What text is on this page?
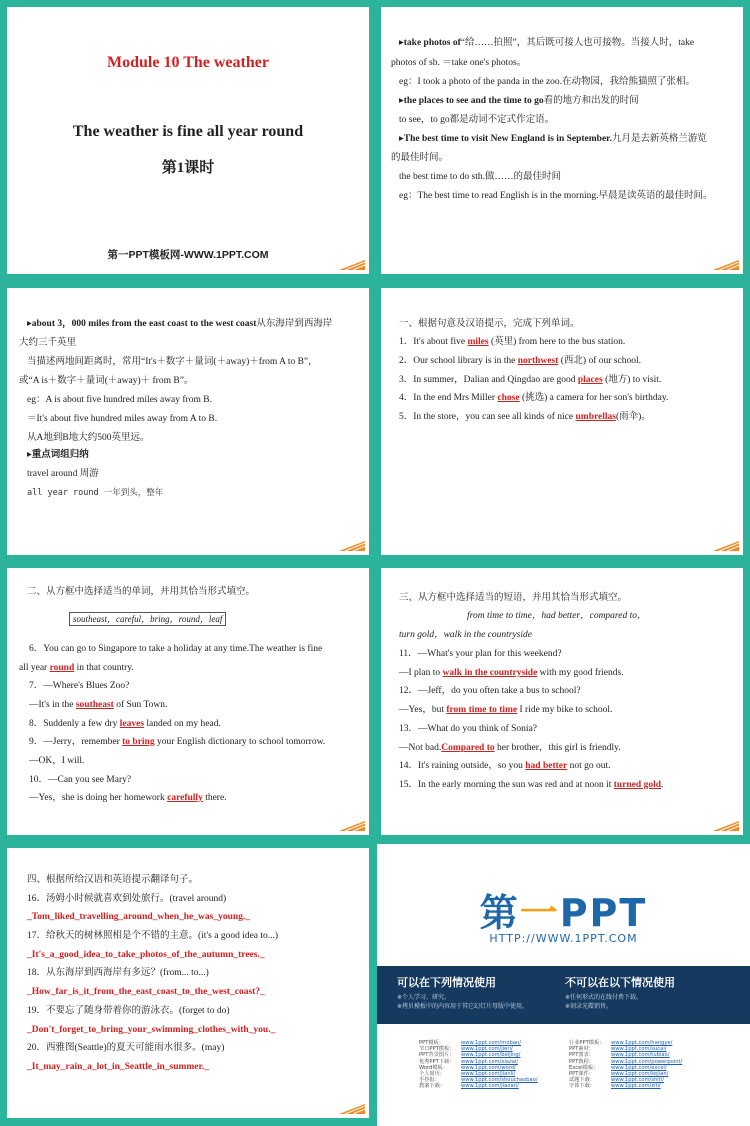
Module 10 The weather
The weather is fine all year round
第1课时
第一PPT模板网-WWW.1PPT.COM
▸take photos of“给……拍照”，其后既可接人也可接物。当接人时，take
photos of sb. ＝take one's photos。
eg：I took a photo of the panda in the zoo.在动物园，我给熊猫照了张相。
▸the places to see and the time to go看的地方和出发的时间
to see，to go都是动词不定式作定语。
▸The best time to visit New England is in September.九月是去新英格兰游览
的最佳时间。
the best time to do sth.做……的最佳时间
eg：The best time to read English is in the morning.早晨是读英语的最佳时间。
▸about 3，000 miles from the east coast to the west coast从东海岸到西海岸
大约三千英里
当描述两地间距离时，常用“It's＋数字＋量词(＋away)＋from A to B”，
或“A is＋数字＋量词(＋away)＋ from B”。
eg：A is about five hundred miles away from B.
＝It's about five hundred miles away from A to B.
从A地到B地大约500英里远。
▸重点词组归纳
travel around 周游
all year round 一年到头，整年
一、根据句意及汉语提示，完成下列单词。
1．It's about five miles (英里) from here to the bus station.
2．Our school library is in the northwest (西北) of our school.
3．In summer，Dalian and Qingdao are good places (地方) to visit.
4．In the end Mrs Miller chose (挑选) a camera for her son's birthday.
5．In the store，you can see all kinds of nice umbrellas(雨伞)。
二、从方框中选择适当的单词，并用其恰当形式填空。
southeast，careful，bring，round，leaf
6．You can go to Singapore to take a holiday at any time.The weather is fine
all year round in that country.
7．—Where's Blues Zoo?
—It's in the southeast of Sun Town.
8．Suddenly a few dry leaves landed on my head.
9．—Jerry，remember to bring your English dictionary to school tomorrow.
—OK，I will.
10．—Can you see Mary?
—Yes，she is doing her homework carefully there.
三、从方框中选择适当的短语，并用其恰当形式填空。
from time to time，had better，compared to，
turn gold，walk in the countryside
11．—What's your plan for this weekend?
—I plan to walk in the countryside with my good friends.
12．—Jeff，do you often take a bus to school?
—Yes，but from time to time I ride my bike to school.
13．—What do you think of Sonia?
—Not bad.Compared to her brother，this girl is friendly.
14．It's raining outside，so you had better not go out.
15．In the early morning the sun was red and at noon it turned gold.
四、根据所给汉语和英语提示翻译句子。
16．汤姆小时候就喜欢到处旅行。(travel around)
_Tom_liked_travelling_around_when_he_was_young._
17．给秋天的树林照相是个不错的主意。(it's a good idea to...)
_It's_a_good_idea_to_take_photos_of_the_autumn_trees._
18．从东海岸到西海岸有多远？(from... to...)
_How_far_is_it_from_the_east_coast_to_the_west_coast?_
19．不要忘了随身带着你的游泳衣。(forget to do)
_Don't_forget_to_bring_your_swimming_clothes_with_you._
20．西雅图(Seattle)的夏天可能雨水很多。(may)
_It_may_rain_a_lot_in_Seattle_in_summer._
第一PPT
HTTP://WWW.1PPT.COM
可以在下列情况使用
※个人学习、研究。
※拷贝模板中的内容用于其它幻灯片母版中使用。
不可以在以下情况使用
※任何形式的在线付费下载。
※刻录光碟销售。
PPT模板：	www.1ppt.com/moban/
节日PPT模板： www.1ppt.com/jieri/
PPT背景图片： www.1ppt.com/beijing/
优秀PPT下载： www.1ppt.com/xiazai/
Word模板：	www.1ppt.com/word/
个人简历：	www.1ppt.com/jianli/
手抄报：	www.1ppt.com/shouchaobao/
教案下载：	www.1ppt.com/jiaoan/
行业PPT模板： www.1ppt.com/hangye/
PPT素材：	www.1ppt.com/sucai/
PPT图表：	www.1ppt.com/tubiao/
PPT教程：	www.1ppt.com/powerpoint/
Excel模板： www.1ppt.com/excel/
PPT课件：	www.1ppt.com/kejian/
试题下载：	www.1ppt.com/shiti/
字体下载：	www.1ppt.com/ziti/
